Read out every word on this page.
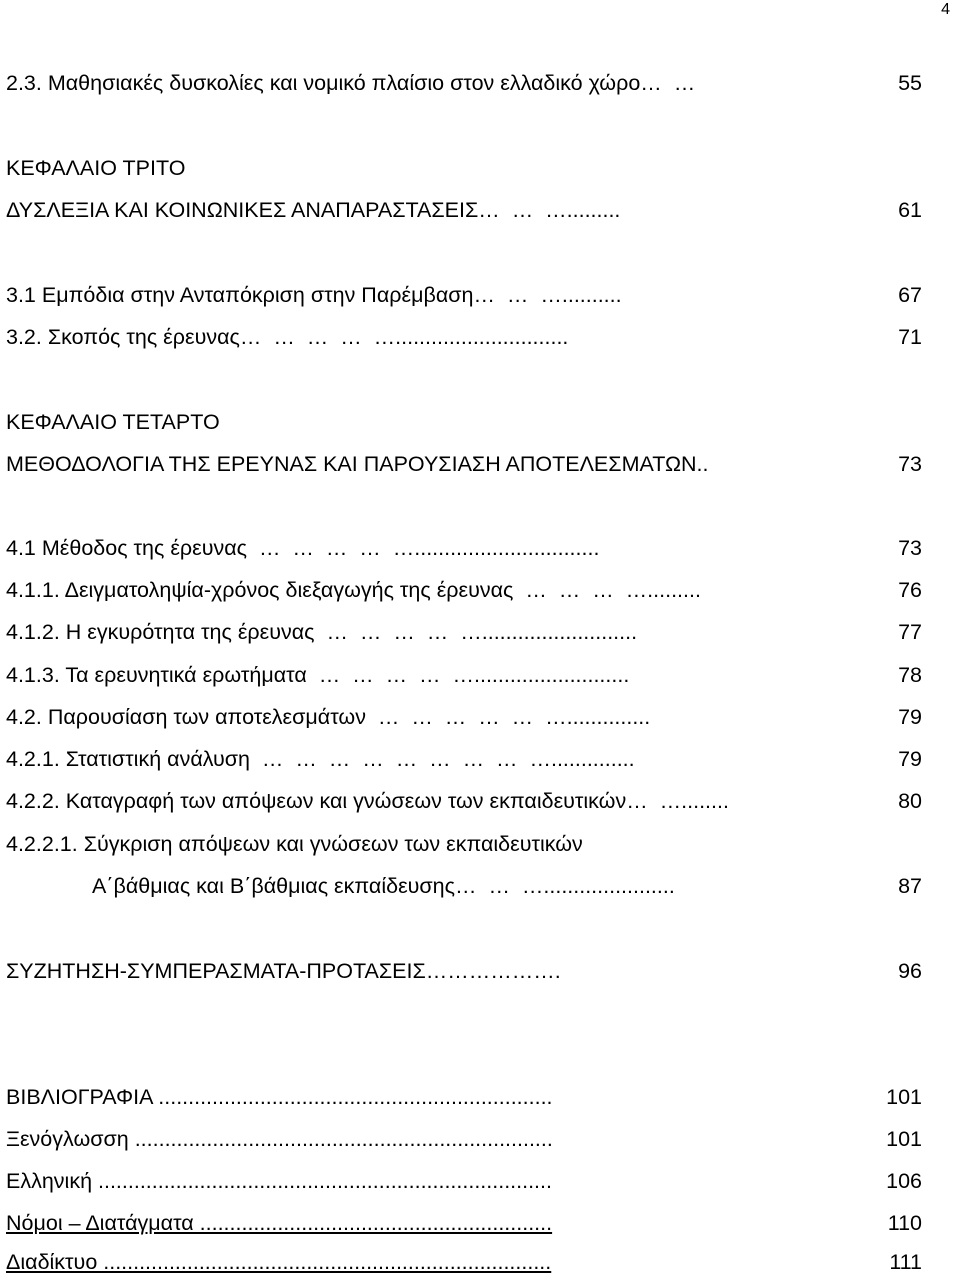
4
2.3. Μαθησιακές δυσκολίες και νομικό πλαίσιο στον ελλαδικό χώρο…  …	55
ΚΕΦΑΛΑΙΟ ΤΡΙΤΟ
ΔΥΣΛΕΞΙΑ ΚΑΙ ΚΟΙΝΩΝΙΚΕΣ ΑΝΑΠΑΡΑΣΤΑΣΕΙΣ…  …  ….........	61
3.1 Εμπόδια στην Ανταπόκριση στην Παρέμβαση…  …  …..........	67
3.2. Σκοπός της έρευνας…  …  …  …  ….............................	71
ΚΕΦΑΛΑΙΟ ΤΕΤΑΡΤΟ
ΜΕΘΟΔΟΛΟΓΙΑ ΤΗΣ ΕΡΕΥΝΑΣ ΚΑΙ ΠΑΡΟΥΣΙΑΣΗ ΑΠΟΤΕΛΕΣΜΑΤΩΝ..	73
4.1 Μέθοδος της έρευνας  …  …  …  …  …...............................	73
4.1.1. Δειγματοληψία-χρόνος διεξαγωγής της έρευνας  …  …  …  ….........	76
4.1.2. Η εγκυρότητα της έρευνας  …  …  …  …  …..........................	77
4.1.3. Τα ερευνητικά ερωτήματα  …  …  …  …  …..........................	78
4.2. Παρουσίαση των αποτελεσμάτων  …  …  …  …  …  …..............	79
4.2.1. Στατιστική ανάλυση  …  …  …  …  …  …  …  …  …..............	79
4.2.2. Καταγραφή των απόψεων και γνώσεων των εκπαιδευτικών…  …........	80
4.2.2.1. Σύγκριση απόψεων και γνώσεων των εκπαιδευτικών
Α΄βάθμιας και Β΄βάθμιας εκπαίδευσης…  …  …......................	87
ΣΥΖΗΤΗΣΗ-ΣΥΜΠΕΡΑΣΜΑΤΑ-ΠΡΟΤΑΣΕΙΣ……………….	96
ΒΙΒΛΙΟΓΡΑΦΙΑ ..................................................................	101
Ξενόγλωσση ......................................................................	101
Ελληνική ............................................................................	106
Νόμοι – Διατάγματα ...........................................................	110
Διαδίκτυο ...........................................................................	111
